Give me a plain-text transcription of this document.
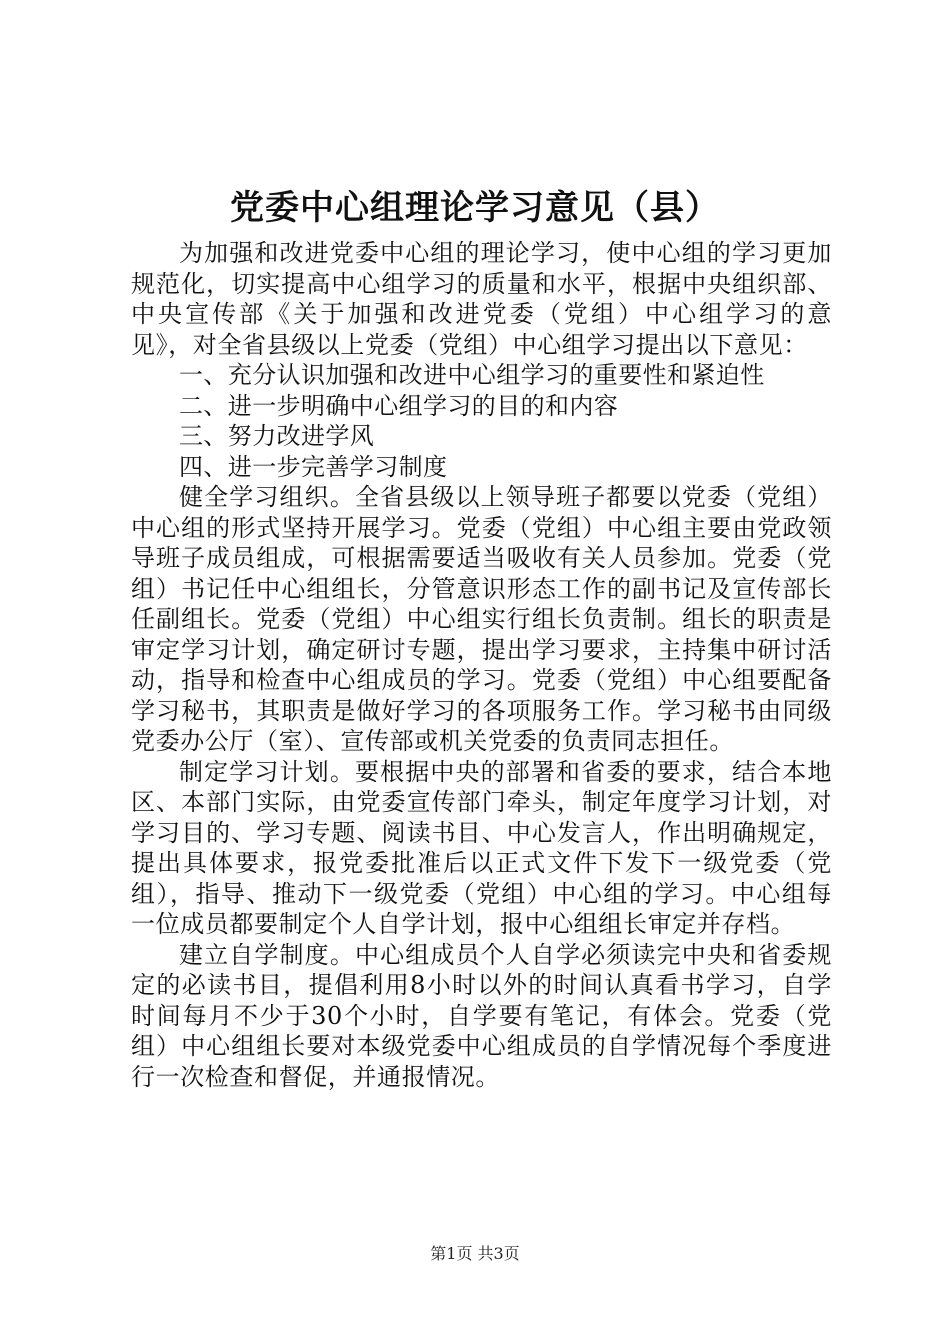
党委中心组理论学习意见（县）

为加强和改进党委中心组的理论学习，使中心组的学习更加规范化，切实提高中心组学习的质量和水平，根据中央组织部、中央宣传部《关于加强和改进党委（党组）中心组学习的意见》，对全省县级以上党委（党组）中心组学习提出以下意见：

一、充分认识加强和改进中心组学习的重要性和紧迫性

二、进一步明确中心组学习的目的和内容

三、努力改进学风

四、进一步完善学习制度

健全学习组织。全省县级以上领导班子都要以党委（党组）中心组的形式坚持开展学习。党委（党组）中心组主要由党政领导班子成员组成，可根据需要适当吸收有关人员参加。党委（党组）书记任中心组组长，分管意识形态工作的副书记及宣传部长任副组长。党委（党组）中心组实行组长负责制。组长的职责是审定学习计划，确定研讨专题，提出学习要求，主持集中研讨活动，指导和检查中心组成员的学习。党委（党组）中心组要配备学习秘书，其职责是做好学习的各项服务工作。学习秘书由同级党委办公厅（室）、宣传部或机关党委的负责同志担任。

制定学习计划。要根据中央的部署和省委的要求，结合本地区、本部门实际，由党委宣传部门牵头，制定年度学习计划，对学习目的、学习专题、阅读书目、中心发言人，作出明确规定，提出具体要求，报党委批准后以正式文件下发下一级党委（党组），指导、推动下一级党委（党组）中心组的学习。中心组每一位成员都要制定个人自学计划，报中心组组长审定并存档。

建立自学制度。中心组成员个人自学必须读完中央和省委规定的必读书目，提倡利用8小时以外的时间认真看书学习，自学时间每月不少于30个小时，自学要有笔记，有体会。党委（党组）中心组组长要对本级党委中心组成员的自学情况每个季度进行一次检查和督促，并通报情况。

第1页 共3页
